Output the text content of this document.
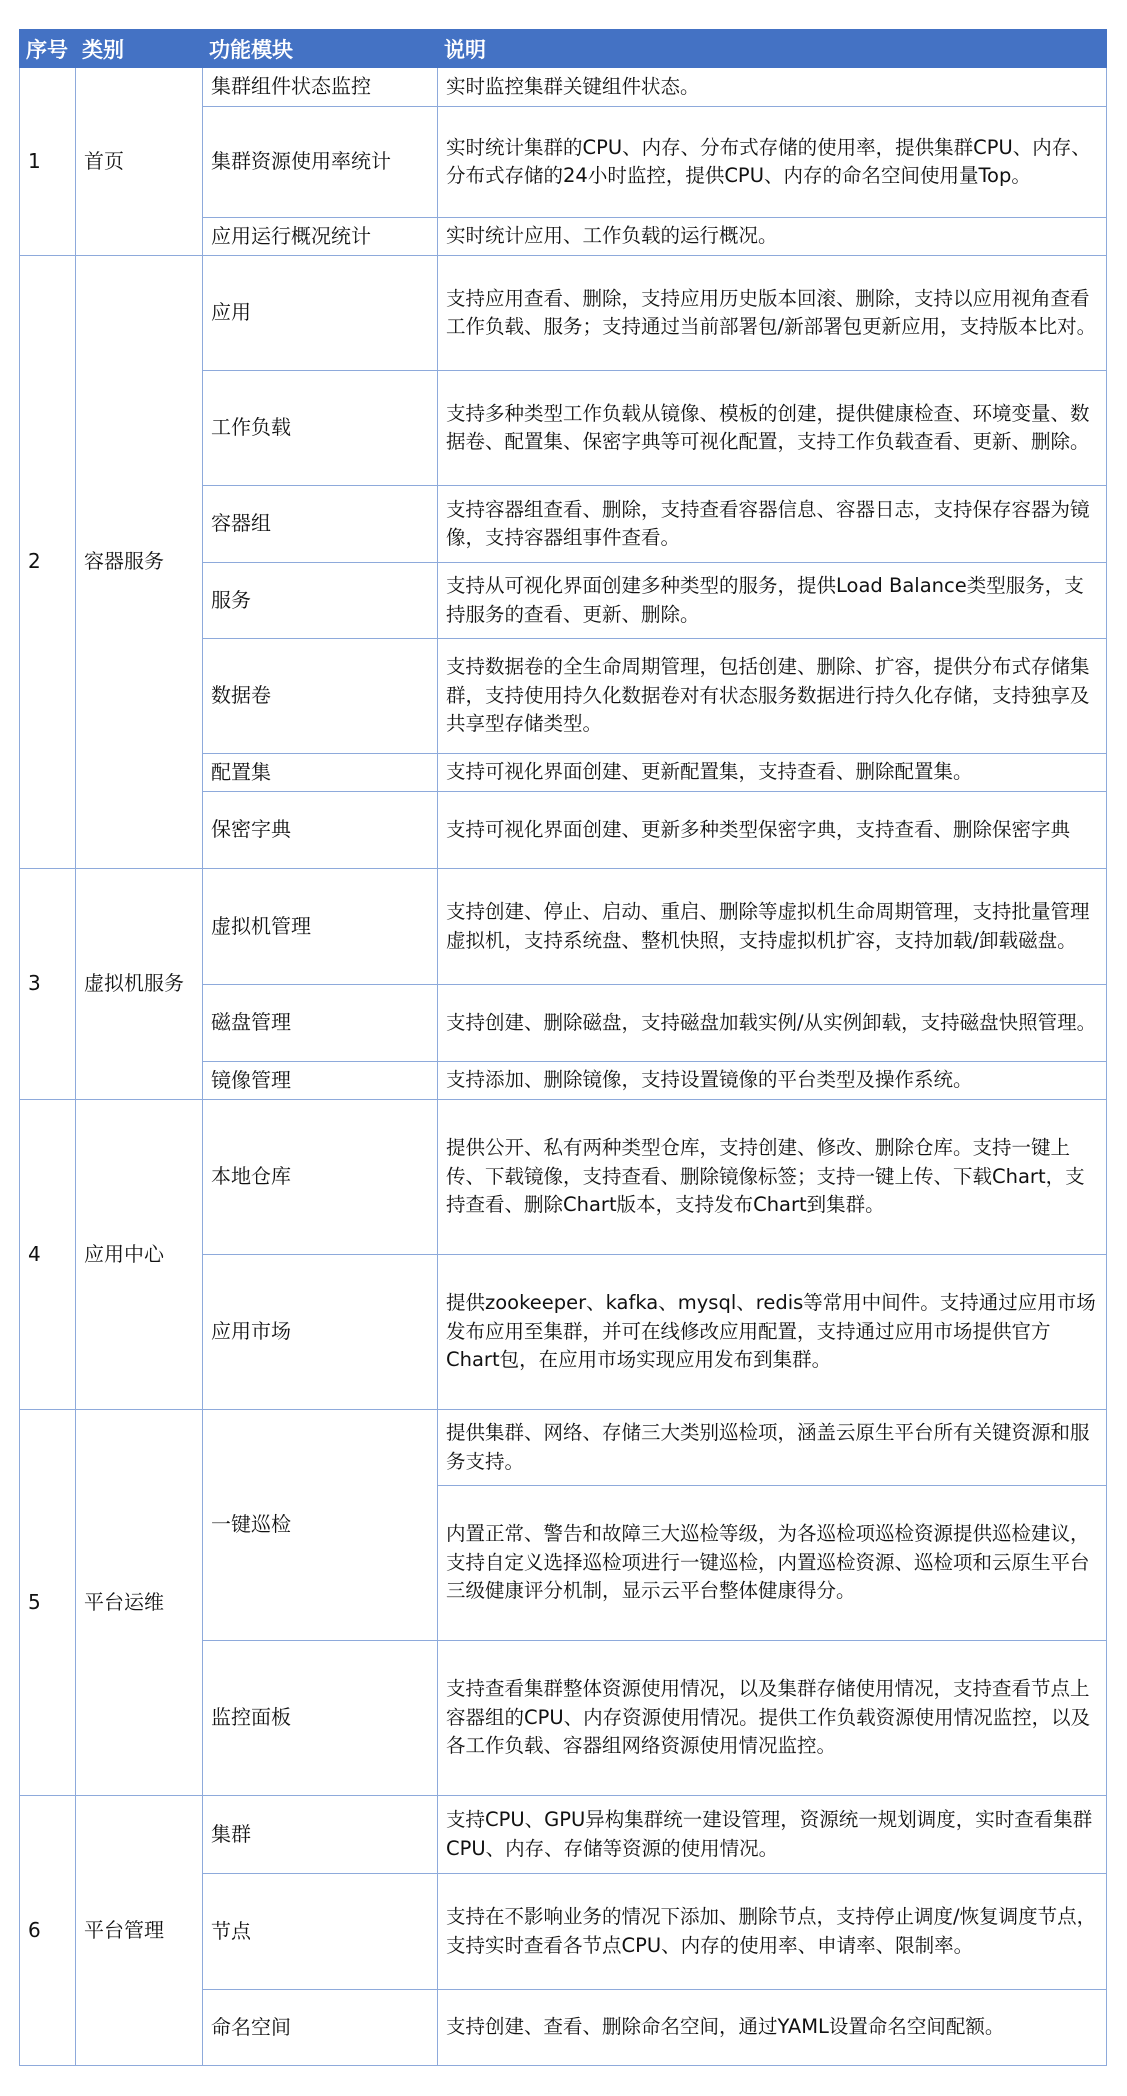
序号	类别	功能模块	说明
1	首页	集群组件状态监控	实时监控集群关键组件状态。
		集群资源使用率统计	实时统计集群的CPU、内存、分布式存储的使用率，提供集群CPU、内存、分布式存储的24小时监控，提供CPU、内存的命名空间使用量Top。
		应用运行概况统计	实时统计应用、工作负载的运行概况。
2	容器服务	应用	支持应用查看、删除，支持应用历史版本回滚、删除，支持以应用视角查看工作负载、服务；支持通过当前部署包/新部署包更新应用，支持版本比对。
		工作负载	支持多种类型工作负载从镜像、模板的创建，提供健康检查、环境变量、数据卷、配置集、保密字典等可视化配置，支持工作负载查看、更新、删除。
		容器组	支持容器组查看、删除，支持查看容器信息、容器日志，支持保存容器为镜像，支持容器组事件查看。
		服务	支持从可视化界面创建多种类型的服务，提供Load Balance类型服务，支持服务的查看、更新、删除。
		数据卷	支持数据卷的全生命周期管理，包括创建、删除、扩容，提供分布式存储集群，支持使用持久化数据卷对有状态服务数据进行持久化存储，支持独享及共享型存储类型。
		配置集	支持可视化界面创建、更新配置集，支持查看、删除配置集。
		保密字典	支持可视化界面创建、更新多种类型保密字典，支持查看、删除保密字典
3	虚拟机服务	虚拟机管理	支持创建、停止、启动、重启、删除等虚拟机生命周期管理，支持批量管理虚拟机，支持系统盘、整机快照，支持虚拟机扩容，支持加载/卸载磁盘。
		磁盘管理	支持创建、删除磁盘，支持磁盘加载实例/从实例卸载，支持磁盘快照管理。
		镜像管理	支持添加、删除镜像，支持设置镜像的平台类型及操作系统。
4	应用中心	本地仓库	提供公开、私有两种类型仓库，支持创建、修改、删除仓库。支持一键上传、下载镜像，支持查看、删除镜像标签；支持一键上传、下载Chart，支持查看、删除Chart版本，支持发布Chart到集群。
		应用市场	提供zookeeper、kafka、mysql、redis等常用中间件。支持通过应用市场发布应用至集群，并可在线修改应用配置，支持通过应用市场提供官方Chart包，在应用市场实现应用发布到集群。
5	平台运维	一键巡检	提供集群、网络、存储三大类别巡检项，涵盖云原生平台所有关键资源和服务支持。
			内置正常、警告和故障三大巡检等级，为各巡检项巡检资源提供巡检建议，支持自定义选择巡检项进行一键巡检，内置巡检资源、巡检项和云原生平台三级健康评分机制，显示云平台整体健康得分。
		监控面板	支持查看集群整体资源使用情况，以及集群存储使用情况，支持查看节点上容器组的CPU、内存资源使用情况。提供工作负载资源使用情况监控，以及各工作负载、容器组网络资源使用情况监控。
6	平台管理	集群	支持CPU、GPU异构集群统一建设管理，资源统一规划调度，实时查看集群CPU、内存、存储等资源的使用情况。
		节点	支持在不影响业务的情况下添加、删除节点，支持停止调度/恢复调度节点，支持实时查看各节点CPU、内存的使用率、申请率、限制率。
		命名空间	支持创建、查看、删除命名空间，通过YAML设置命名空间配额。
